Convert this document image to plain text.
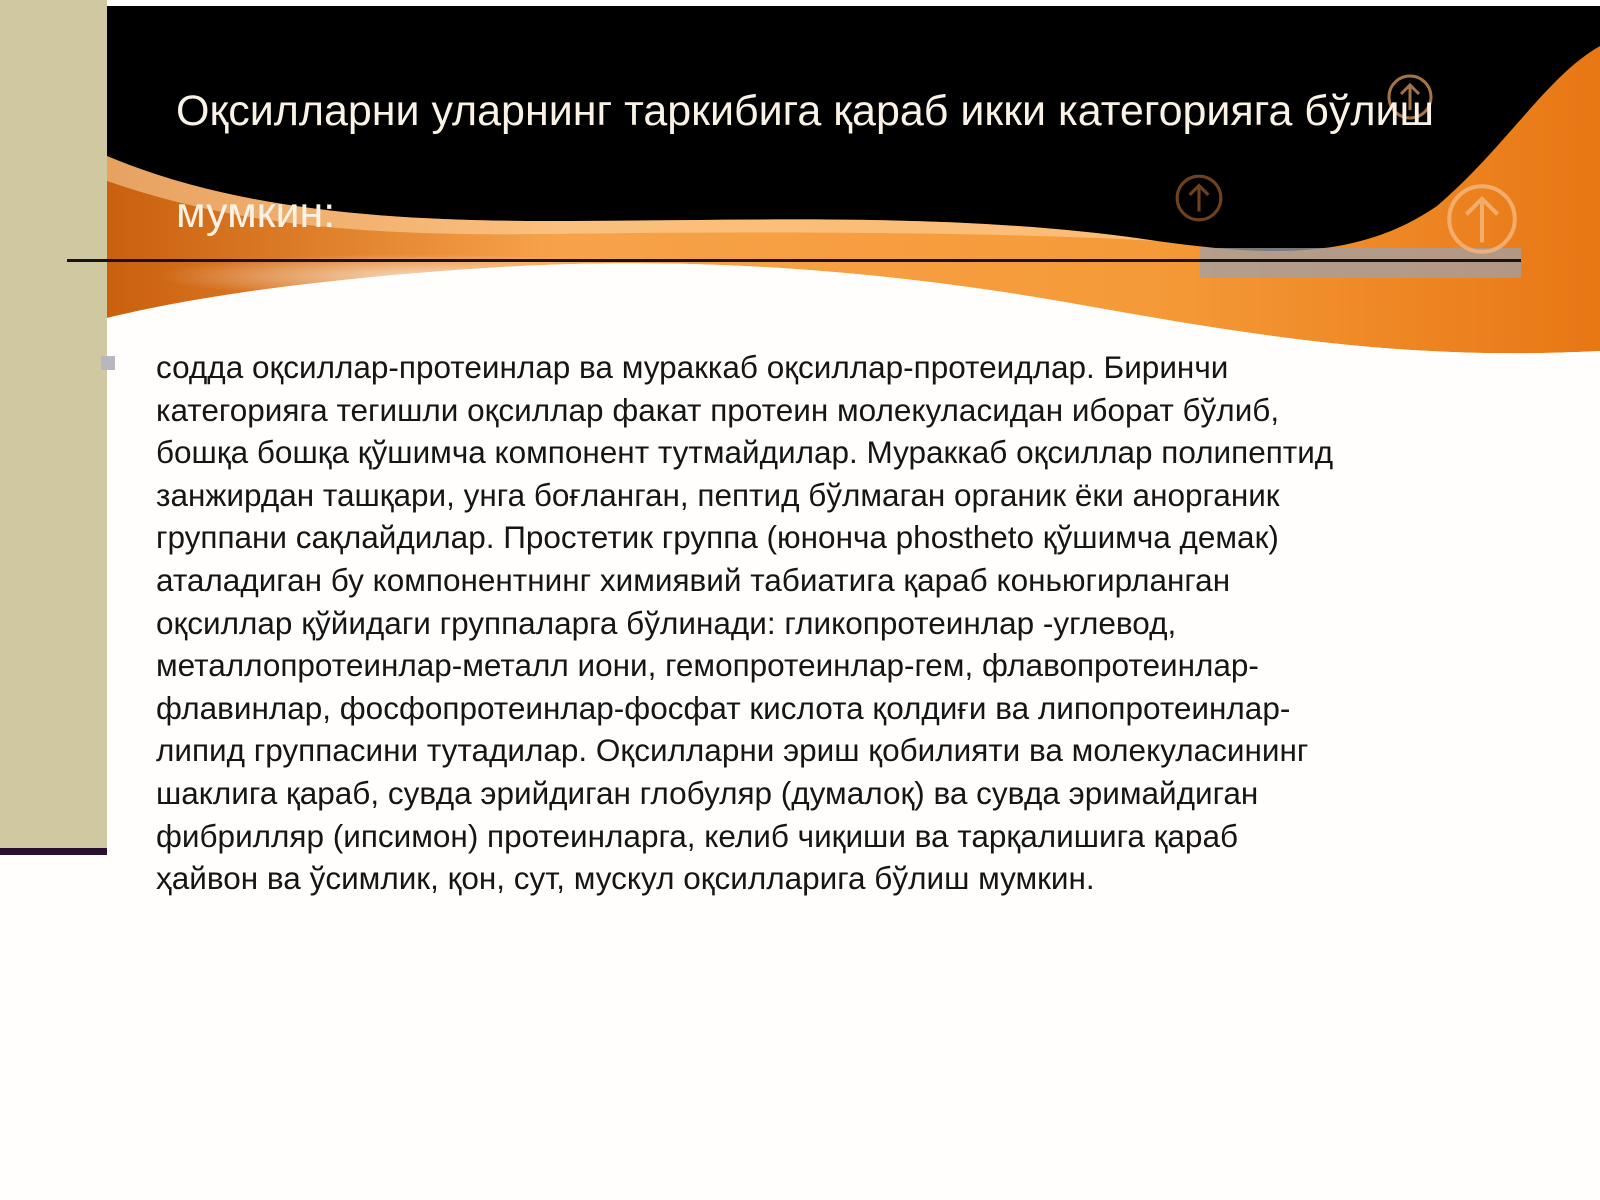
Оқсилларни уларнинг таркибига қараб икки категорияга бўлиш мумкин:

содда оқсиллар-протеинлар ва мураккаб оқсиллар-протеидлар. Биринчи
категорияга тегишли оқсиллар факат протеин молекуласидан иборат бўлиб,
бошқа бошқа қўшимча компонент тутмайдилар. Мураккаб оқсиллар полипептид
занжирдан ташқари, унга боғланган, пептид бўлмаган органик ёки анорганик
группани сақлайдилар. Простетик группа (юнонча phostheto қўшимча демак)
аталадиган бу компонентнинг химиявий табиатига қараб коньюгирланган
оқсиллар қўйидаги группаларга бўлинади: гликопротеинлар -углевод,
металлопротеинлар-металл иони, гемопротеинлар-гем, флавопротеинлар-
флавинлар, фосфопротеинлар-фосфат кислота қолдиғи ва липопротеинлар-
липид группасини тутадилар. Оқсилларни эриш қобилияти ва молекуласининг
шаклига қараб, сувда эрийдиган глобуляр (думалоқ) ва сувда эримайдиган
фибрилляр (ипсимон) протеинларга, келиб чиқиши ва тарқалишига қараб
ҳайвон ва ўсимлик, қон, сут, мускул оқсилларига бўлиш мумкин.
